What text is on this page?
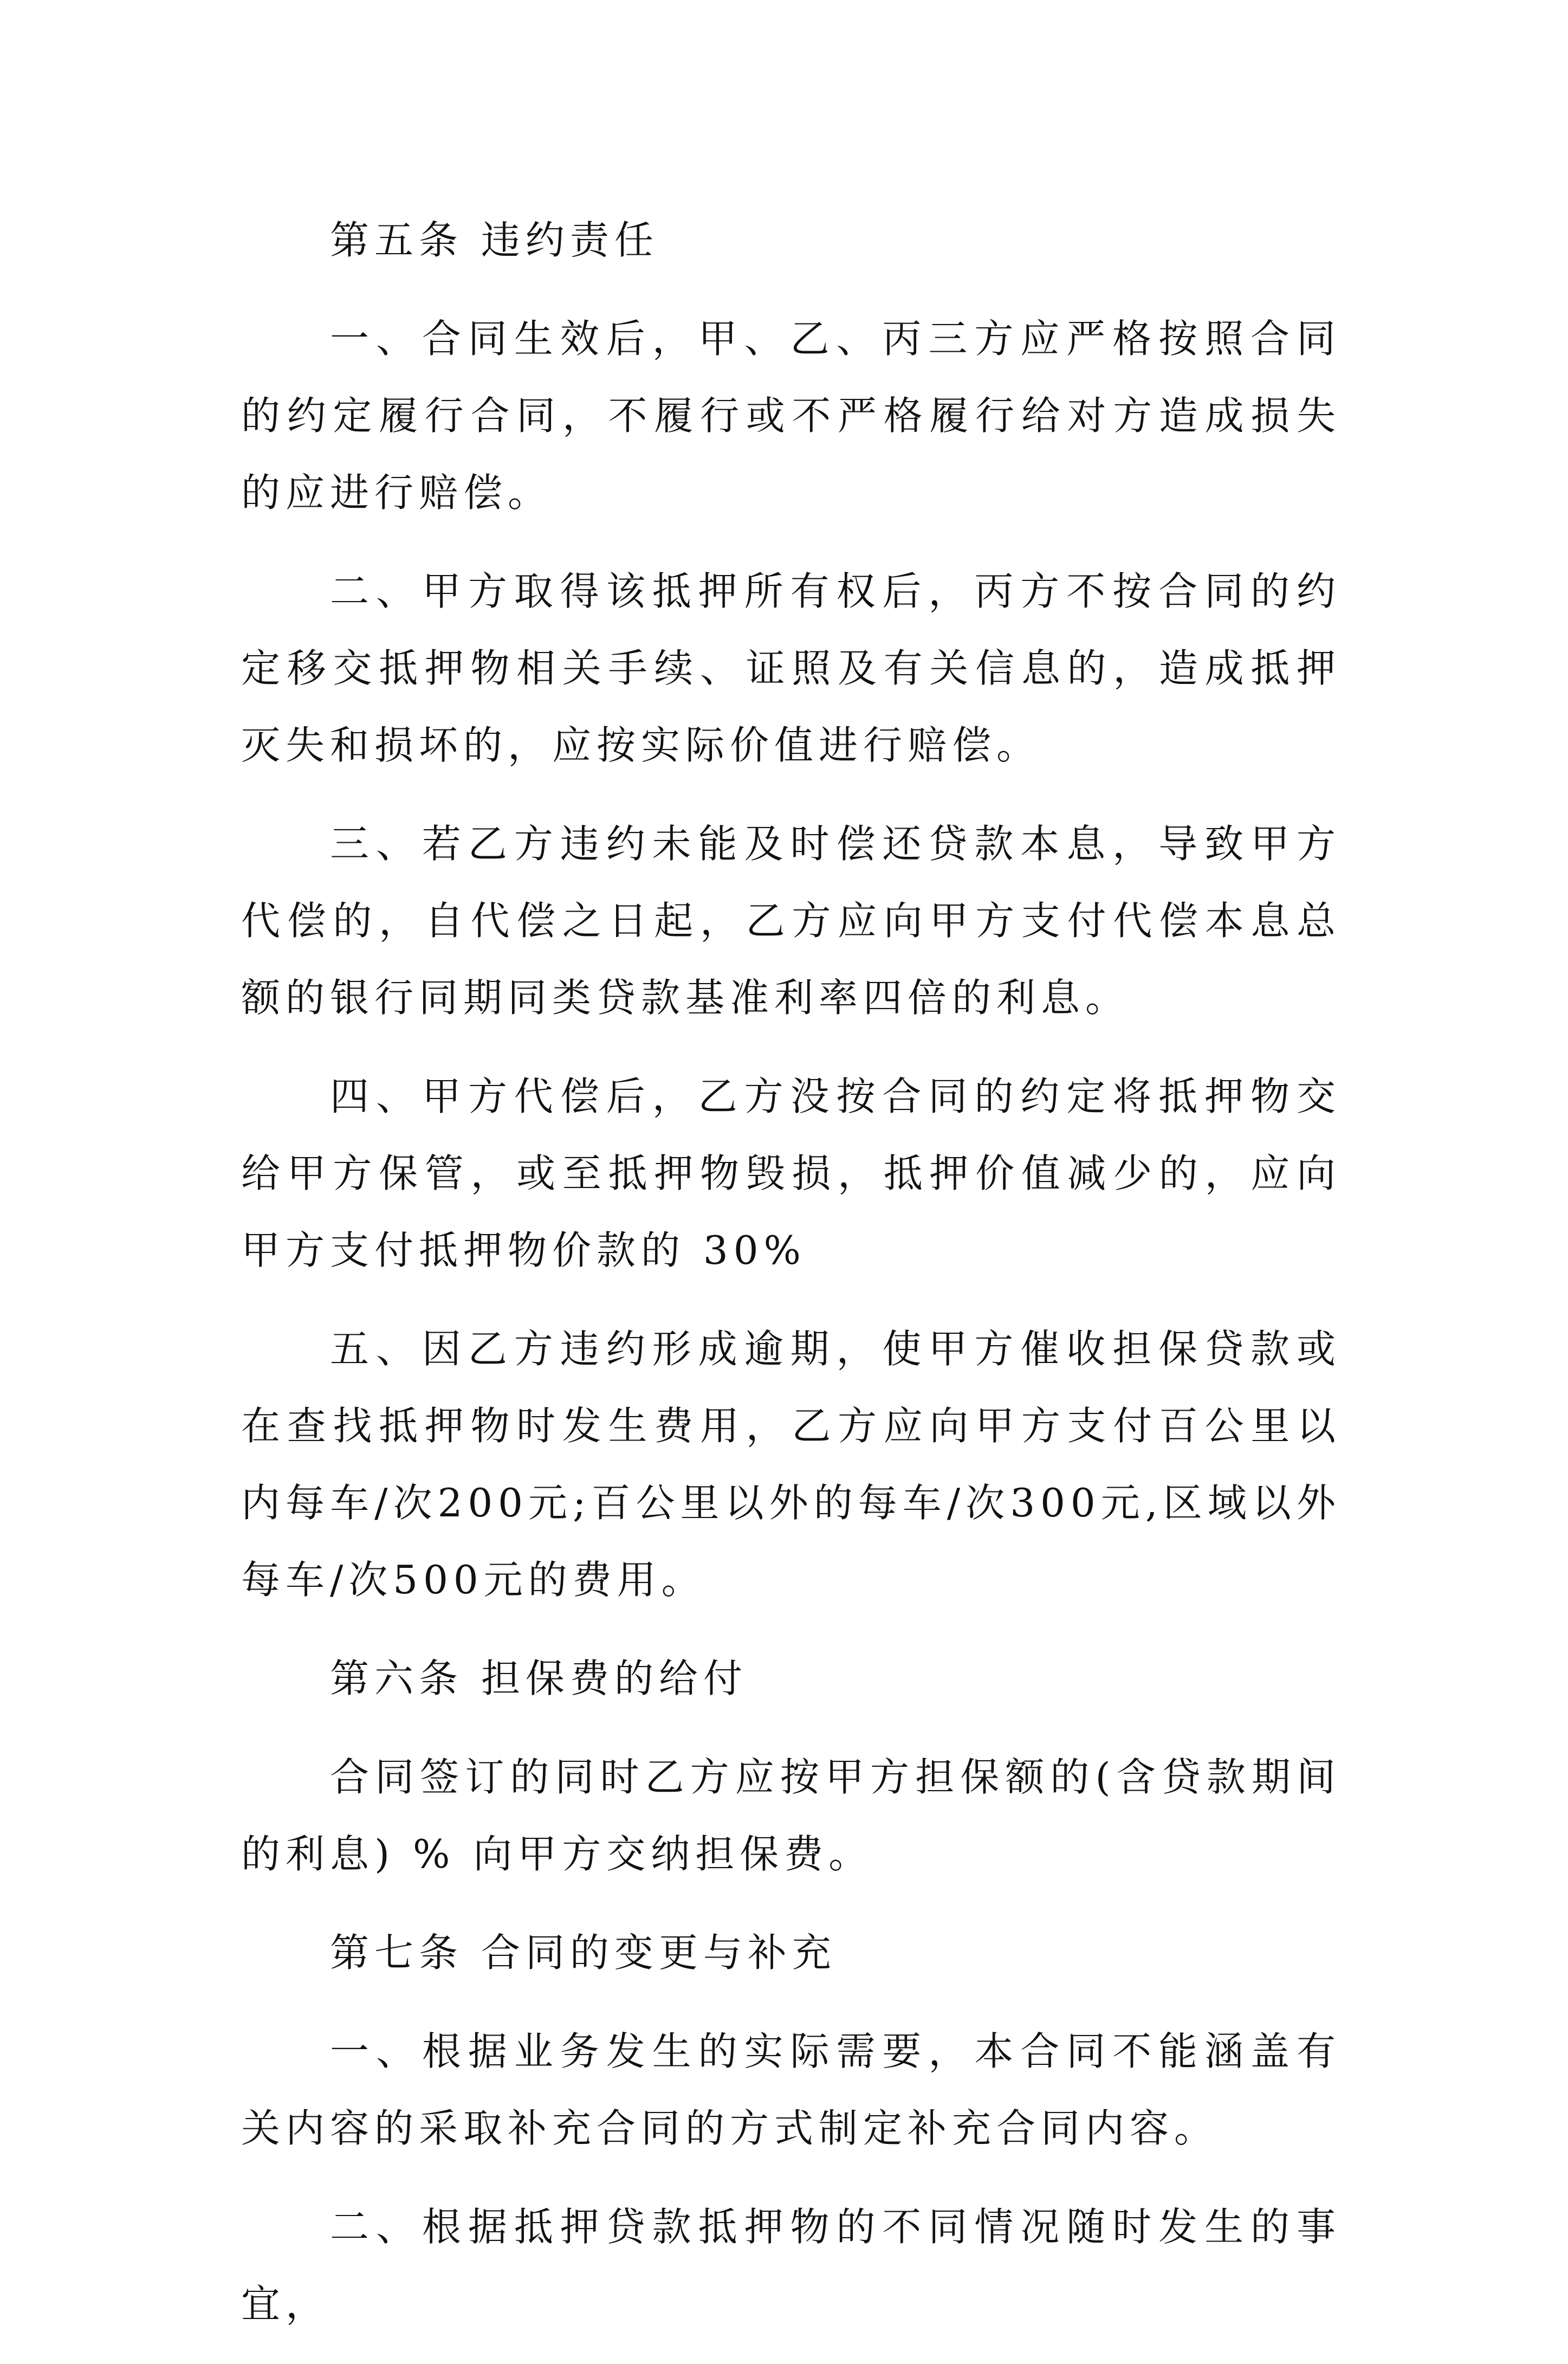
第五条 违约责任

一、合同生效后，甲、乙、丙三方应严格按照合同的约定履行合同，不履行或不严格履行给对方造成损失的应进行赔偿。

二、甲方取得该抵押所有权后，丙方不按合同的约定移交抵押物相关手续、证照及有关信息的，造成抵押灭失和损坏的，应按实际价值进行赔偿。

三、若乙方违约未能及时偿还贷款本息，导致甲方代偿的，自代偿之日起，乙方应向甲方支付代偿本息总额的银行同期同类贷款基准利率四倍的利息。

四、甲方代偿后，乙方没按合同的约定将抵押物交给甲方保管，或至抵押物毁损，抵押价值减少的，应向甲方支付抵押物价款的 30%

五、因乙方违约形成逾期，使甲方催收担保贷款或在查找抵押物时发生费用，乙方应向甲方支付百公里以内每车/次200元;百公里以外的每车/次300元,区域以外每车/次500元的费用。

第六条 担保费的给付

合同签订的同时乙方应按甲方担保额的(含贷款期间的利息) % 向甲方交纳担保费。

第七条 合同的变更与补充

一、根据业务发生的实际需要，本合同不能涵盖有关内容的采取补充合同的方式制定补充合同内容。

二、根据抵押贷款抵押物的不同情况随时发生的事宜，
